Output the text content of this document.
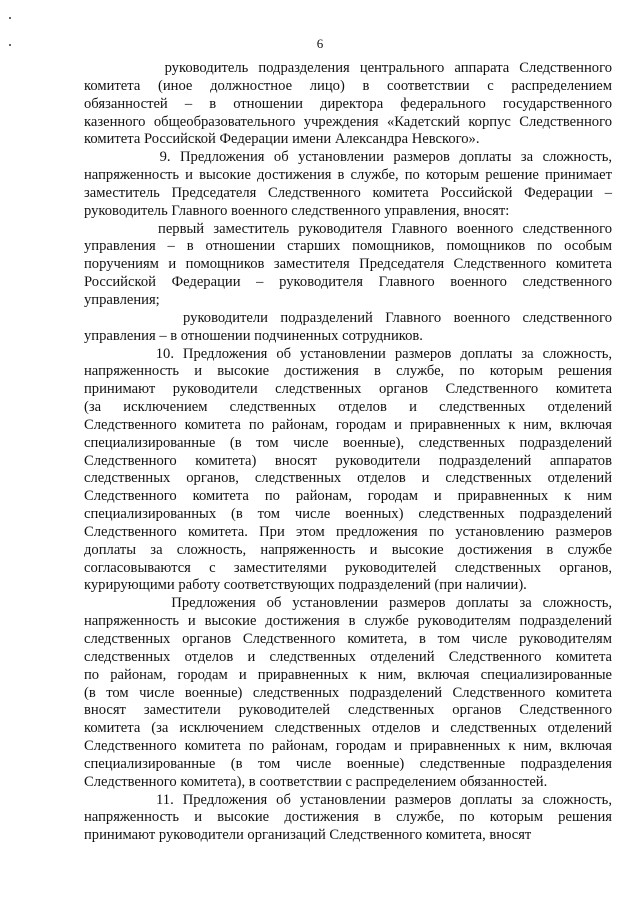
6
руководитель подразделения центрального аппарата Следственного
комитета (иное должностное лицо) в соответствии с распределением
обязанностей – в отношении директора федерального государственного
казенного общеобразовательного учреждения «Кадетский корпус Следственного
комитета Российской Федерации имени Александра Невского».
9. Предложения об установлении размеров доплаты за сложность,
напряженность и высокие достижения в службе, по которым решение принимает
заместитель Председателя Следственного комитета Российской Федерации –
руководитель Главного военного следственного управления, вносят:
первый заместитель руководителя Главного военного следственного
управления – в отношении старших помощников, помощников по особым
поручениям и помощников заместителя Председателя Следственного комитета
Российской Федерации – руководителя Главного военного следственного
управления;
руководители подразделений Главного военного следственного
управления – в отношении подчиненных сотрудников.
10. Предложения об установлении размеров доплаты за сложность,
напряженность и высокие достижения в службе, по которым решения
принимают руководители следственных органов Следственного комитета
(за исключением следственных отделов и следственных отделений
Следственного комитета по районам, городам и приравненных к ним, включая
специализированные (в том числе военные), следственных подразделений
Следственного комитета) вносят руководители подразделений аппаратов
следственных органов, следственных отделов и следственных отделений
Следственного комитета по районам, городам и приравненных к ним
специализированных (в том числе военных) следственных подразделений
Следственного комитета. При этом предложения по установлению размеров
доплаты за сложность, напряженность и высокие достижения в службе
согласовываются с заместителями руководителей следственных органов,
курирующими работу соответствующих подразделений (при наличии).
Предложения об установлении размеров доплаты за сложность,
напряженность и высокие достижения в службе руководителям подразделений
следственных органов Следственного комитета, в том числе руководителям
следственных отделов и следственных отделений Следственного комитета
по районам, городам и приравненных к ним, включая специализированные
(в том числе военные) следственных подразделений Следственного комитета
вносят заместители руководителей следственных органов Следственного
комитета (за исключением следственных отделов и следственных отделений
Следственного комитета по районам, городам и приравненных к ним, включая
специализированные (в том числе военные) следственные подразделения
Следственного комитета), в соответствии с распределением обязанностей.
11. Предложения об установлении размеров доплаты за сложность,
напряженность и высокие достижения в службе, по которым решения
принимают руководители организаций Следственного комитета, вносят
